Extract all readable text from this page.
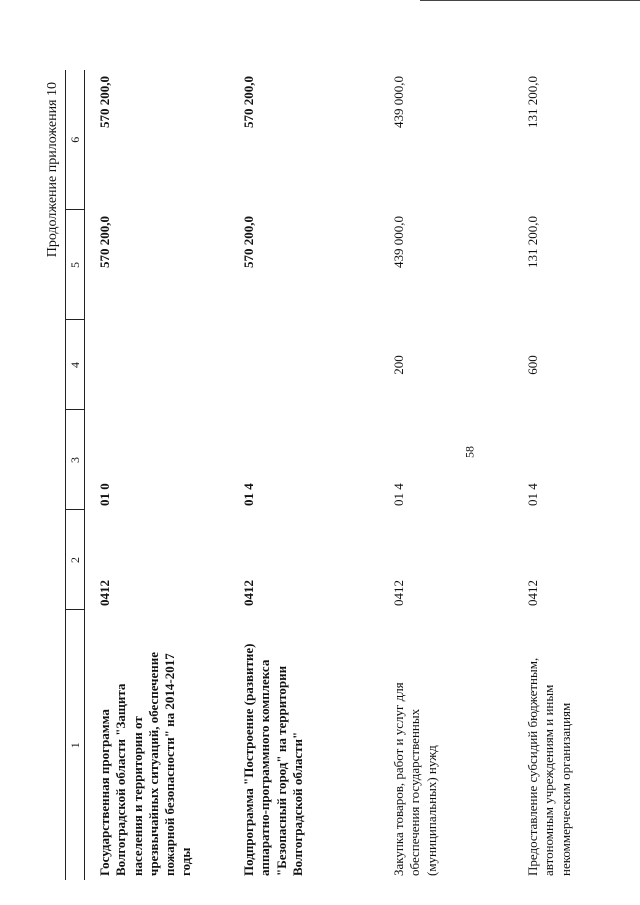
58
Продолжение приложения 10
1	2	3	4	5	6
Государственная программа Волгоградской области "Защита населения и территории от чрезвычайных ситуаций, обеспечение пожарной безопасности" на 2014-2017 годы	0412	01 0		570 200,0	570 200,0
Подпрограмма "Построение (развитие) аппаратно-программного комплекса "Безопасный город" на территории Волгоградской области"	0412	01 4		570 200,0	570 200,0
Закупка товаров, работ и услуг для обеспечения государственных (муниципальных) нужд	0412	01 4	200	439 000,0	439 000,0
Предоставление субсидий бюджетным, автономным учреждениям и иным некоммерческим организациям	0412	01 4	600	131 200,0	131 200,0
